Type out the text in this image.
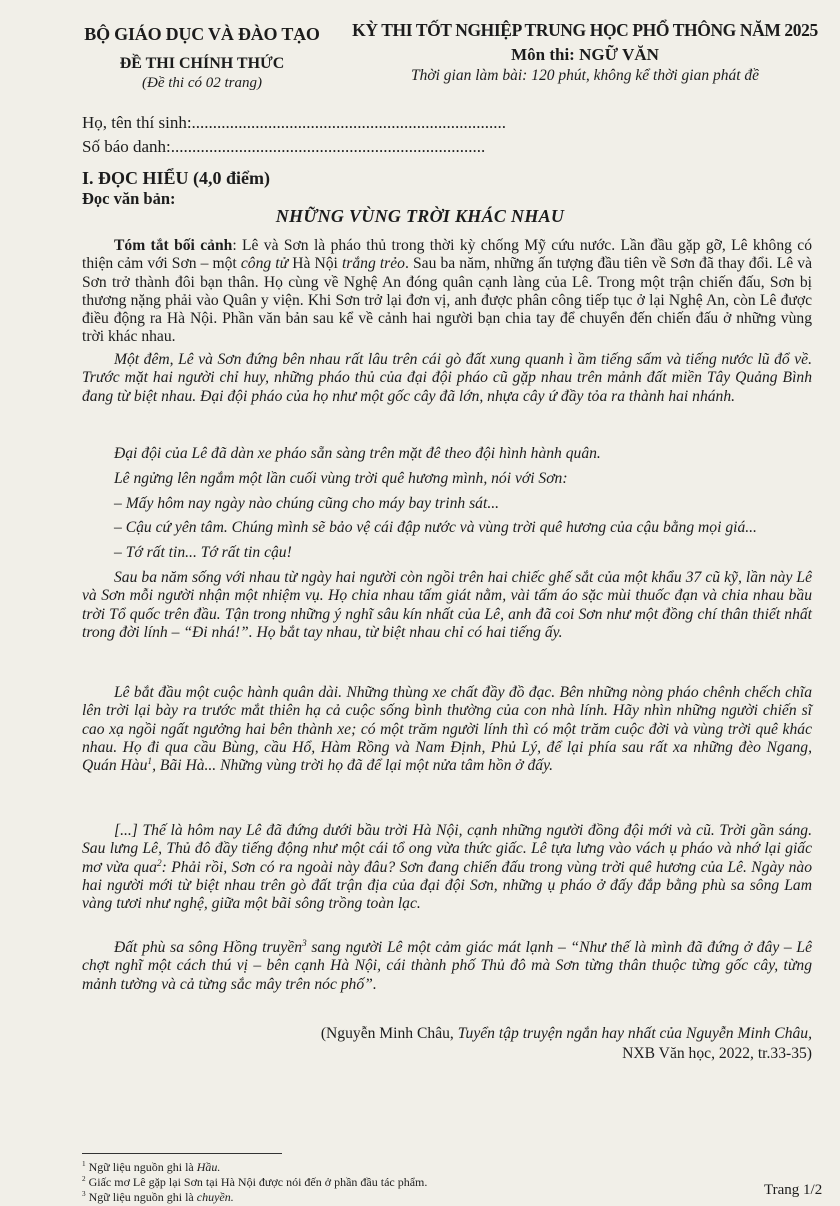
BỘ GIÁO DỤC VÀ ĐÀO TẠO
ĐỀ THI CHÍNH THỨC
(Đề thi có 02 trang)
KỲ THI TỐT NGHIỆP TRUNG HỌC PHỔ THÔNG NĂM 2025
Môn thi: NGỮ VĂN
Thời gian làm bài: 120 phút, không kể thời gian phát đề
Họ, tên thí sinh:..........................................................................
Số báo danh:..........................................................................
I. ĐỌC HIỂU (4,0 điểm)
Đọc văn bản:
NHỮNG VÙNG TRỜI KHÁC NHAU
Tóm tắt bối cảnh: Lê và Sơn là pháo thủ trong thời kỳ chống Mỹ cứu nước. Lần đầu gặp gỡ, Lê không có thiện cảm với Sơn – một công tử Hà Nội trắng trẻo. Sau ba năm, những ấn tượng đầu tiên về Sơn đã thay đổi. Lê và Sơn trở thành đôi bạn thân. Họ cùng về Nghệ An đóng quân cạnh làng của Lê. Trong một trận chiến đấu, Sơn bị thương nặng phải vào Quân y viện. Khi Sơn trở lại đơn vị, anh được phân công tiếp tục ở lại Nghệ An, còn Lê được điều động ra Hà Nội. Phần văn bản sau kể về cảnh hai người bạn chia tay để chuyển đến chiến đấu ở những vùng trời khác nhau.
Một đêm, Lê và Sơn đứng bên nhau rất lâu trên cái gò đất xung quanh ì ầm tiếng sấm và tiếng nước lũ đổ về. Trước mặt hai người chỉ huy, những pháo thủ của đại đội pháo cũ gặp nhau trên mảnh đất miền Tây Quảng Bình đang từ biệt nhau. Đại đội pháo của họ như một gốc cây đã lớn, nhựa cây ứ đầy tỏa ra thành hai nhánh.
Đại đội của Lê đã dàn xe pháo sẵn sàng trên mặt đê theo đội hình hành quân.
Lê ngửng lên ngắm một lần cuối vùng trời quê hương mình, nói với Sơn:
– Mấy hôm nay ngày nào chúng cũng cho máy bay trinh sát...
– Cậu cứ yên tâm. Chúng mình sẽ bảo vệ cái đập nước và vùng trời quê hương của cậu bằng mọi giá...
– Tớ rất tin... Tớ rất tin cậu!
Sau ba năm sống với nhau từ ngày hai người còn ngồi trên hai chiếc ghế sắt của một khẩu 37 cũ kỹ, lần này Lê và Sơn mỗi người nhận một nhiệm vụ. Họ chia nhau tấm giát nằm, vài tấm áo sặc mùi thuốc đạn và chia nhau bầu trời Tổ quốc trên đầu. Tận trong những ý nghĩ sâu kín nhất của Lê, anh đã coi Sơn như một đồng chí thân thiết nhất trong đời lính – “Đi nhá!”. Họ bắt tay nhau, từ biệt nhau chỉ có hai tiếng ấy.
Lê bắt đầu một cuộc hành quân dài. Những thùng xe chất đầy đồ đạc. Bên những nòng pháo chênh chếch chĩa lên trời lại bày ra trước mắt thiên hạ cả cuộc sống bình thường của con nhà lính. Hãy nhìn những người chiến sĩ cao xạ ngồi ngất ngưởng hai bên thành xe; có một trăm người lính thì có một trăm cuộc đời và vùng trời quê khác nhau. Họ đi qua cầu Bùng, cầu Hổ, Hàm Rồng và Nam Định, Phủ Lý, để lại phía sau rất xa những đèo Ngang, Quán Hàu$^1$, Bãi Hà... Những vùng trời họ đã để lại một nửa tâm hồn ở đấy.
[...] Thế là hôm nay Lê đã đứng dưới bầu trời Hà Nội, cạnh những người đồng đội mới và cũ. Trời gần sáng. Sau lưng Lê, Thủ đô đầy tiếng động như một cái tổ ong vừa thức giấc. Lê tựa lưng vào vách ụ pháo và nhớ lại giấc mơ vừa qua$^2$: Phải rồi, Sơn có ra ngoài này đâu? Sơn đang chiến đấu trong vùng trời quê hương của Lê. Ngày nào hai người mới từ biệt nhau trên gò đất trận địa của đại đội Sơn, những ụ pháo ở đấy đắp bằng phù sa sông Lam vàng tươi như nghệ, giữa một bãi sông trồng toàn lạc.
Đất phù sa sông Hồng truyền$^3$ sang người Lê một cảm giác mát lạnh – “Như thế là mình đã đứng ở đây – Lê chợt nghĩ một cách thú vị – bên cạnh Hà Nội, cái thành phố Thủ đô mà Sơn từng thân thuộc từng gốc cây, từng mảnh tường và cả từng sắc mây trên nóc phố”.
(Nguyễn Minh Châu, Tuyển tập truyện ngắn hay nhất của Nguyễn Minh Châu,
NXB Văn học, 2022, tr.33-35)
$^1$ Ngữ liệu nguồn ghi là Hầu.
$^2$ Giấc mơ Lê gặp lại Sơn tại Hà Nội được nói đến ở phần đầu tác phẩm.
$^3$ Ngữ liệu nguồn ghi là chuyền.	Trang 1/2
